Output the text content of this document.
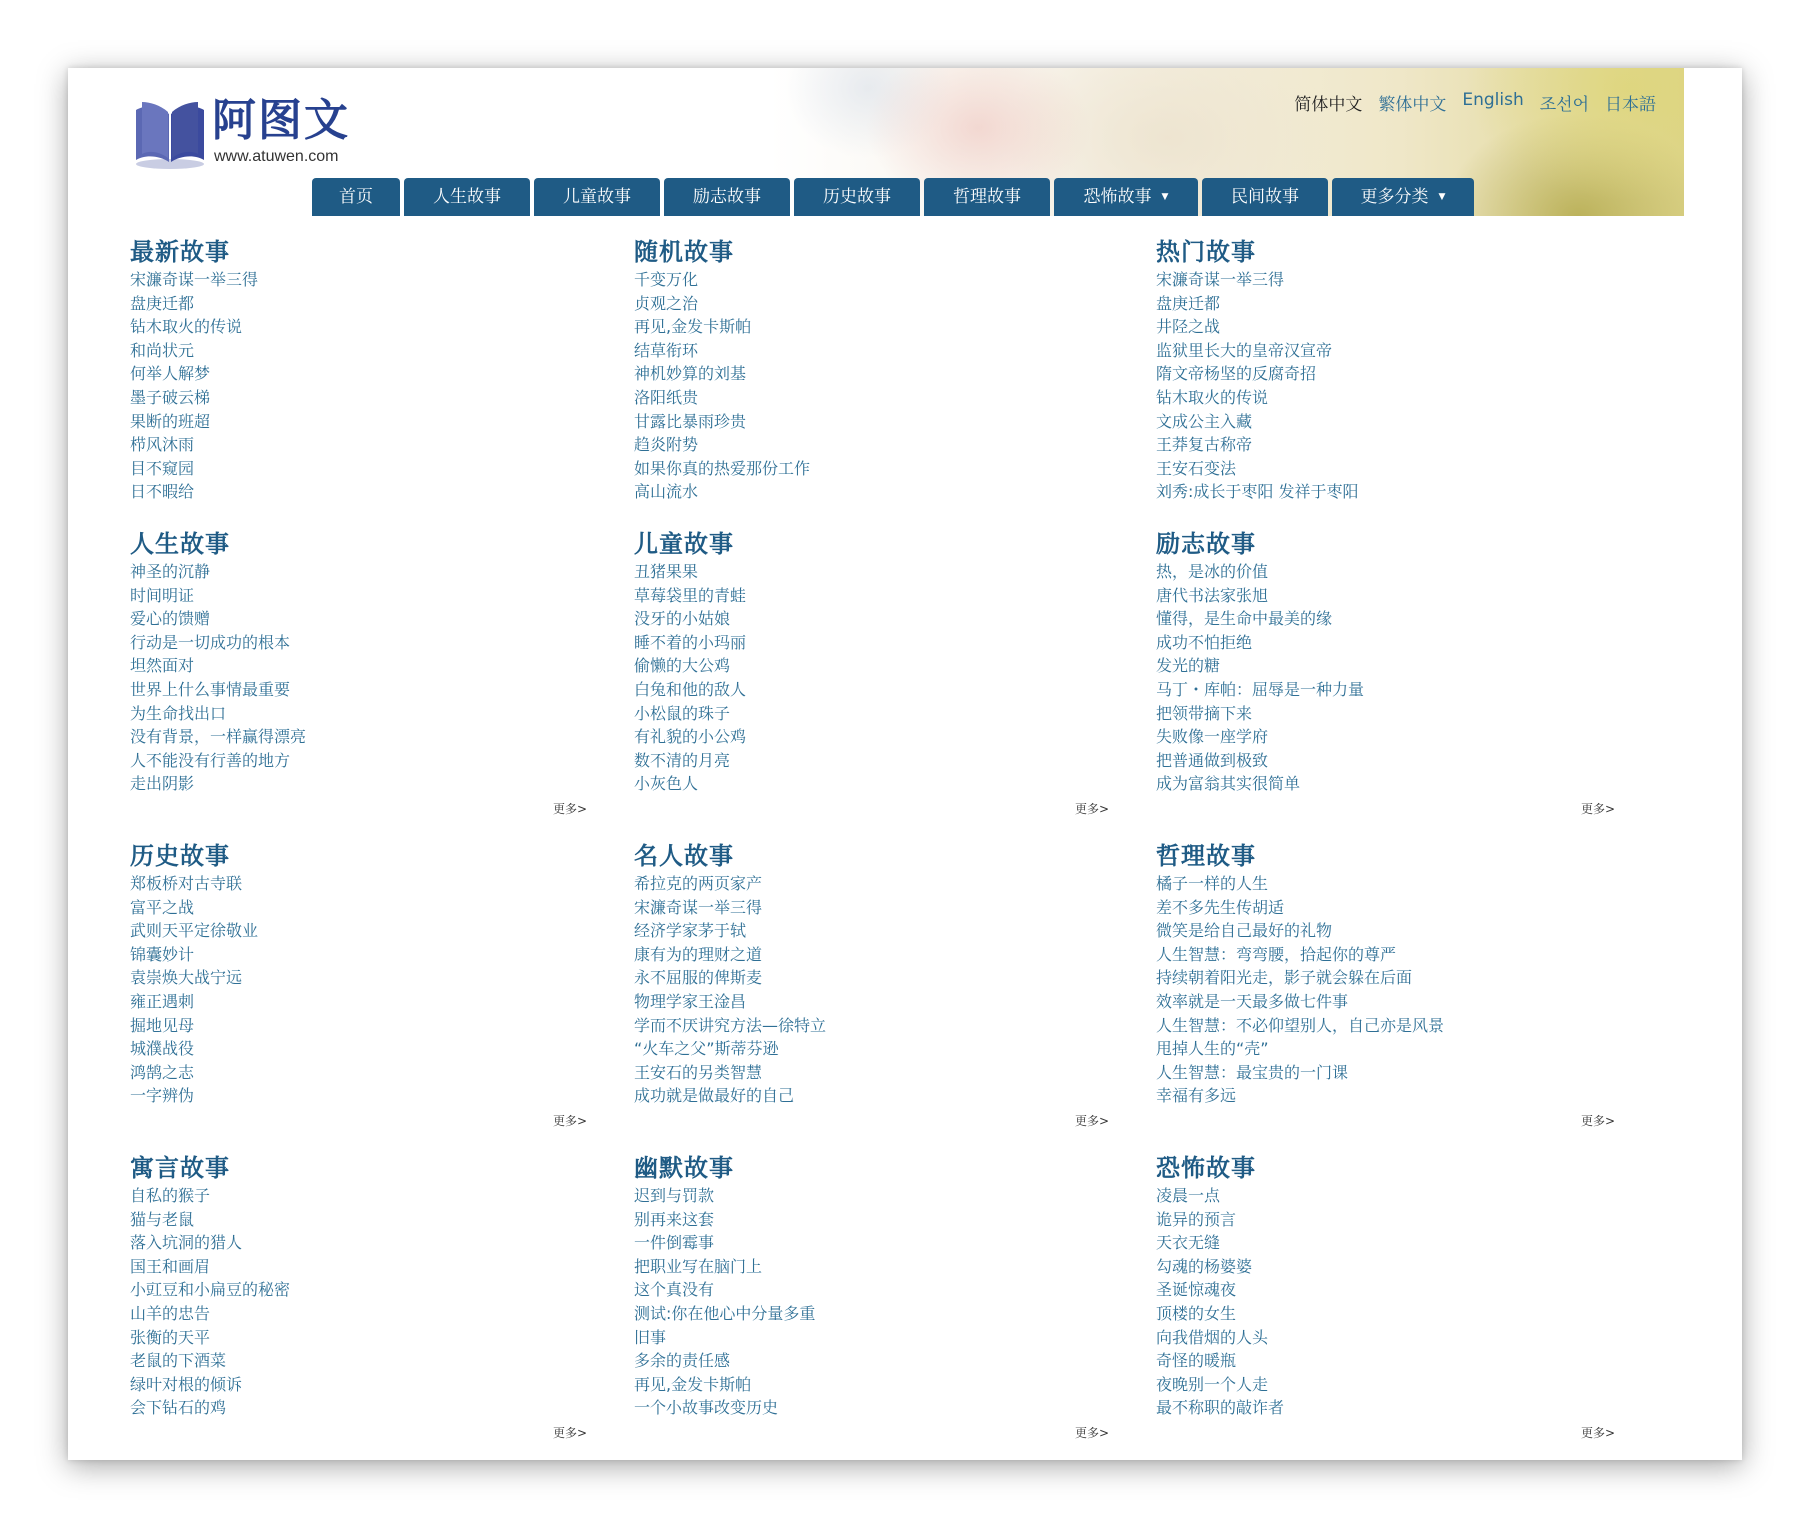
阿图文
www.atuwen.com
简体中文 繁体中文 English 조선어 日本語
首页	人生故事	儿童故事	励志故事	历史故事	哲理故事	恐怖故事 ▼	民间故事	更多分类 ▼
最新故事
宋濂奇谋一举三得
盘庚迁都
钻木取火的传说
和尚状元
何举人解梦
墨子破云梯
果断的班超
栉风沐雨
目不窥园
日不暇给
随机故事
千变万化
贞观之治
再见,金发卡斯帕
结草衔环
神机妙算的刘基
洛阳纸贵
甘露比暴雨珍贵
趋炎附势
如果你真的热爱那份工作
高山流水
热门故事
宋濂奇谋一举三得
盘庚迁都
井陉之战
监狱里长大的皇帝汉宣帝
隋文帝杨坚的反腐奇招
钻木取火的传说
文成公主入藏
王莽复古称帝
王安石变法
刘秀:成长于枣阳 发祥于枣阳
人生故事
神圣的沉静
时间明证
爱心的馈赠
行动是一切成功的根本
坦然面对
世界上什么事情最重要
为生命找出口
没有背景，一样赢得漂亮
人不能没有行善的地方
走出阴影
更多>
儿童故事
丑猪果果
草莓袋里的青蛙
没牙的小姑娘
睡不着的小玛丽
偷懒的大公鸡
白兔和他的敌人
小松鼠的珠子
有礼貌的小公鸡
数不清的月亮
小灰色人
更多>
励志故事
热，是冰的价值
唐代书法家张旭
懂得，是生命中最美的缘
成功不怕拒绝
发光的糖
马丁・库帕：屈辱是一种力量
把领带摘下来
失败像一座学府
把普通做到极致
成为富翁其实很简单
更多>
历史故事
郑板桥对古寺联
富平之战
武则天平定徐敬业
锦囊妙计
袁崇焕大战宁远
雍正遇刺
掘地见母
城濮战役
鸿鹄之志
一字辨伪
更多>
名人故事
希拉克的两页家产
宋濂奇谋一举三得
经济学家茅于轼
康有为的理财之道
永不屈服的俾斯麦
物理学家王淦昌
学而不厌讲究方法—徐特立
“火车之父”斯蒂芬逊
王安石的另类智慧
成功就是做最好的自己
更多>
哲理故事
橘子一样的人生
差不多先生传胡适
微笑是给自己最好的礼物
人生智慧：弯弯腰，拾起你的尊严
持续朝着阳光走，影子就会躲在后面
效率就是一天最多做七件事
人生智慧：不必仰望别人，自己亦是风景
甩掉人生的“壳”
人生智慧：最宝贵的一门课
幸福有多远
更多>
寓言故事
自私的猴子
猫与老鼠
落入坑洞的猎人
国王和画眉
小豇豆和小扁豆的秘密
山羊的忠告
张衡的天平
老鼠的下酒菜
绿叶对根的倾诉
会下钻石的鸡
更多>
幽默故事
迟到与罚款
别再来这套
一件倒霉事
把职业写在脑门上
这个真没有
测试:你在他心中分量多重
旧事
多余的责任感
再见,金发卡斯帕
一个小故事改变历史
更多>
恐怖故事
凌晨一点
诡异的预言
天衣无缝
勾魂的杨婆婆
圣诞惊魂夜
顶楼的女生
向我借烟的人头
奇怪的暖瓶
夜晚别一个人走
最不称职的敲诈者
更多>
